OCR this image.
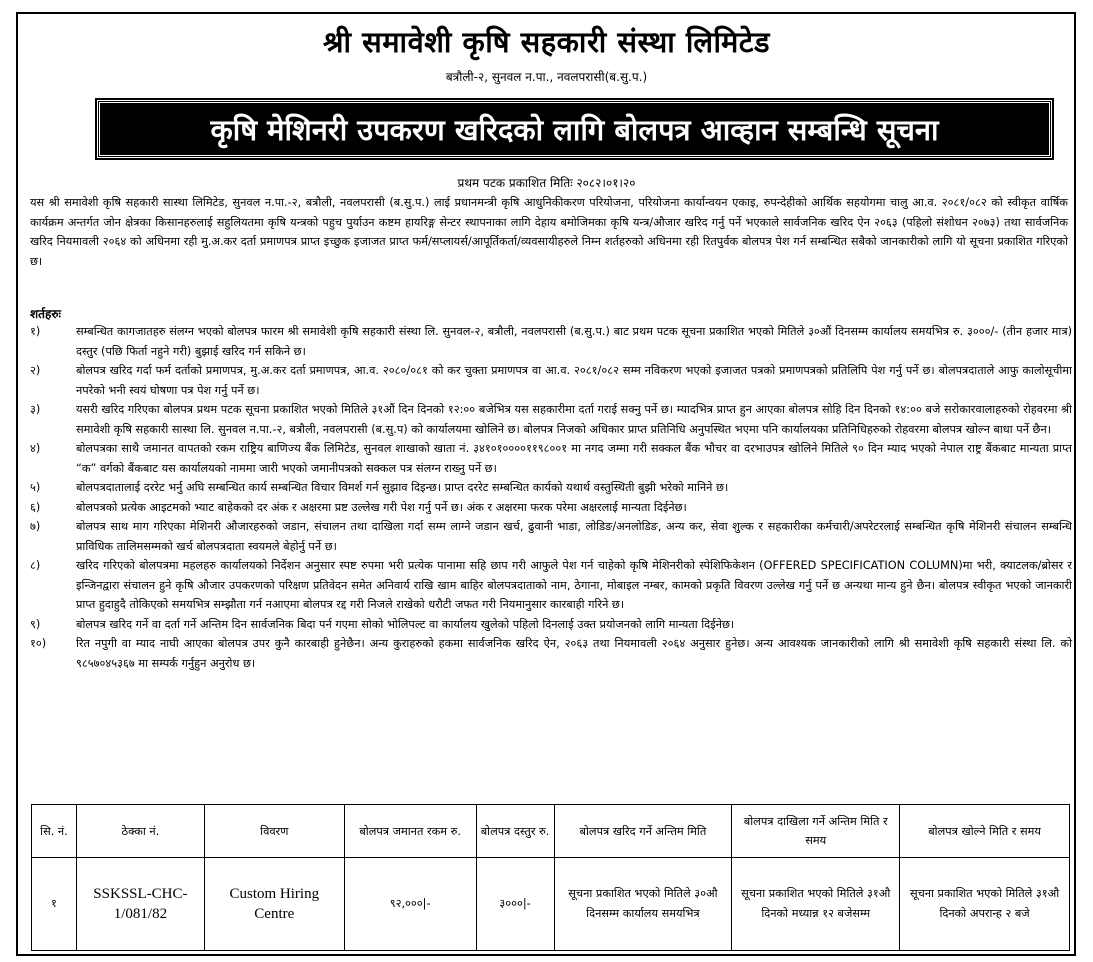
श्री समावेशी कृषि सहकारी संस्था लिमिटेड
बत्रौली-२, सुनवल न.पा., नवलपरासी(ब.सु.प.)
कृषि मेशिनरी उपकरण खरिदको लागि बोलपत्र आव्हान सम्बन्धि सूचना
प्रथम पटक प्रकाशित मितिः २०८२।०१।२०
यस श्री समावेशी कृषि सहकारी सास्था लिमिटेड, सुनवल न.पा.-२, बत्रौली, नवलपरासी (ब.सु.प.) लाई प्रधानमन्त्री कृषि आधुनिकीकरण परियोजना, परियोजना कार्यान्वयन एकाइ, रुपन्देहीको आर्थिक सहयोगमा चालु आ.व. २०८१/०८२ को स्वीकृत वार्षिक कार्यक्रम अन्तर्गत जोन क्षेत्रका किसानहरुलाई सहुलियतमा कृषि यन्त्रको पहुच पुर्याउन कष्टम हायरिङ्ग सेन्टर स्थापनाका लागि देहाय बमोजिमका कृषि यन्त्र/औजार खरिद गर्नु पर्ने भएकाले सार्वजनिक खरिद ऐन २०६३ (पहिलो संशोधन २०७३) तथा सार्वजनिक खरिद नियमावली २०६४ को अधिनमा रही मु.अ.कर दर्ता प्रमाणपत्र प्राप्त इच्छुक इजाजत प्राप्त फर्म/सप्लायर्स/आपूर्तिकर्ता/व्यवसायीहरुले निम्न शर्तहरुको अधिनमा रही रितपुर्वक बोलपत्र पेश गर्न सम्बन्धित सबैको जानकारीको लागि यो सूचना प्रकाशित गरिएको छ।
शर्तहरुः
१)	सम्बन्धित कागजातहरु संलग्न भएको बोलपत्र फारम श्री समावेशी कृषि सहकारी संस्था लि. सुनवल-२, बत्रौली, नवलपरासी (ब.सु.प.) बाट प्रथम पटक सूचना प्रकाशित भएको मितिले ३०औं दिनसम्म कार्यालय समयभित्र रु. ३०००/- (तीन हजार मात्र) दस्तुर (पछि फिर्ता नहुने गरी) बुझाई खरिद गर्न सकिने छ।
२)	बोलपत्र खरिद गर्दा फर्म दर्ताको प्रमाणपत्र, मु.अ.कर दर्ता प्रमाणपत्र, आ.व. २०८०/०८१ को कर चुक्ता प्रमाणपत्र वा आ.व. २०८१/०८२ सम्म नविकरण भएको इजाजत पत्रको प्रमाणपत्रको प्रतिलिपि पेश गर्नु पर्ने छ। बोलपत्रदाताले आफु कालोसूचीमा नपरेको भनी स्वयं घोषणा पत्र पेश गर्नु पर्ने छ।
३)	यसरी खरिद गरिएका बोलपत्र प्रथम पटक सूचना प्रकाशित भएको मितिले ३१औं दिन दिनको १२:०० बजेभित्र यस सहकारीमा दर्ता गराई सक्नु पर्ने छ। म्यादभित्र प्राप्त हुन आएका बोलपत्र सोहि दिन दिनको १४:०० बजे सरोकारवालाहरुको रोहवरमा श्री समावेशी कृषि सहकारी सास्था लि. सुनवल न.पा.-२, बत्रौली, नवलपरासी (ब.सु.प) को कार्यालयमा खोलिने छ। बोलपत्र निजको अधिकार प्राप्त प्रतिनिधि अनुपस्थित भएमा पनि कार्यालयका प्रतिनिधिहरुको रोहवरमा बोलपत्र खोल्न बाधा पर्ने छैन।
४)	बोलपत्रका साथै जमानत वापतको रकम राष्ट्रिय बाणिज्य बैंक लिमिटेड, सुनवल शाखाको खाता नं. ३४१०१००००११९८००१ मा नगद जम्मा गरी सक्कल बैंक भौचर वा दरभाउपत्र खोलिने मितिले ९० दिन म्याद भएको नेपाल राष्ट्र बैंकबाट मान्यता प्राप्त “क” वर्गको बैंकबाट यस कार्यालयको नाममा जारी भएको जमानीपत्रको सक्कल पत्र संलग्न राख्नु पर्ने छ।
५)	बोलपत्रदातालाई दररेट भर्नु अघि सम्बन्धित कार्य सम्बन्धित विचार विमर्श गर्न सुझाव दिइन्छ। प्राप्त दररेट सम्बन्धित कार्यको यथार्थ वस्तुस्थिती बुझी भरेको मानिने छ।
६)	बोलपत्रको प्रत्येक आइटमको भ्याट बाहेकको दर अंक र अक्षरमा प्रष्ट उल्लेख गरी पेश गर्नु पर्ने छ। अंक र अक्षरमा फरक परेमा अक्षरलाई मान्यता दिईनेछ।
७)	बोलपत्र साथ माग गरिएका मेशिनरी औजारहरुको जडान, संचालन तथा दाखिला गर्दा सम्म लाग्ने जडान खर्च, ढुवानी भाडा, लोडिङ/अनलोडिङ, अन्य कर, सेवा शुल्क र सहकारीका कर्मचारी/अपरेटरलाई सम्बन्धित कृषि मेशिनरी संचालन सम्बन्धि प्राविधिक तालिमसम्मको खर्च बोलपत्रदाता स्वयमले बेहोर्नु पर्ने छ।
८)	खरिद गरिएको बोलपत्रमा महलहरु कार्यालयको निर्देशन अनुसार स्पष्ट रुपमा भरी प्रत्येक पानामा सहि छाप गरी आफुले पेश गर्न चाहेको कृषि मेशिनरीको स्पेशिफिकेशन (OFFERED SPECIFICATION COLUMN)मा भरी, क्याटलक/ब्रोसर र इन्जिनद्वारा संचालन हुने कृषि औजार उपकरणको परिक्षण प्रतिवेदन समेत अनिवार्य राखि खाम बाहिर बोलपत्रदाताको नाम, ठेगाना, मोबाइल नम्बर, कामको प्रकृति विवरण उल्लेख गर्नु पर्ने छ अन्यथा मान्य हुने छैन। बोलपत्र स्वीकृत भएको जानकारी प्राप्त हुदाहुदै तोकिएको समयभित्र सम्झौता गर्न नआएमा बोलपत्र रद्द गरी निजले राखेको धरौटी जफत गरी नियमानुसार कारबाही गरिने छ।
९)	बोलपत्र खरिद गर्ने वा दर्ता गर्ने अन्तिम दिन सार्वजनिक बिदा पर्न गएमा सोको भोलिपल्ट वा कार्यालय खुलेको पहिलो दिनलाई उक्त प्रयोजनको लागि मान्यता दिईनेछ।
१०)	रित नपुगी वा म्याद नाघी आएका बोलपत्र उपर कुनै कारबाही हुनेछैन। अन्य कुराहरुको हकमा सार्वजनिक खरिद ऐन, २०६३ तथा नियमावली २०६४ अनुसार हुनेछ। अन्य आवश्यक जानकारीको लागि श्री समावेशी कृषि सहकारी संस्था लि. को ९८५७०४५३६७ मा सम्पर्क गर्नुहुन अनुरोध छ।
सि. नं.	ठेक्का नं.	विवरण	बोलपत्र जमानत रकम रु.	बोलपत्र दस्तुर रु.	बोलपत्र खरिद गर्ने अन्तिम मिति	बोलपत्र दाखिला गर्ने अन्तिम मिति र समय	बोलपत्र खोल्ने मिति र समय
१	SSKSSL-CHC-1/081/82	Custom Hiring Centre	९२,०००|-	३०००|-	सूचना प्रकाशित भएको मितिले ३०औ दिनसम्म कार्यालय समयभित्र	सूचना प्रकाशित भएको मितिले ३१औ दिनको मध्यान्न १२ बजेसम्म	सूचना प्रकाशित भएको मितिले ३१औ दिनको अपरान्ह २ बजे
